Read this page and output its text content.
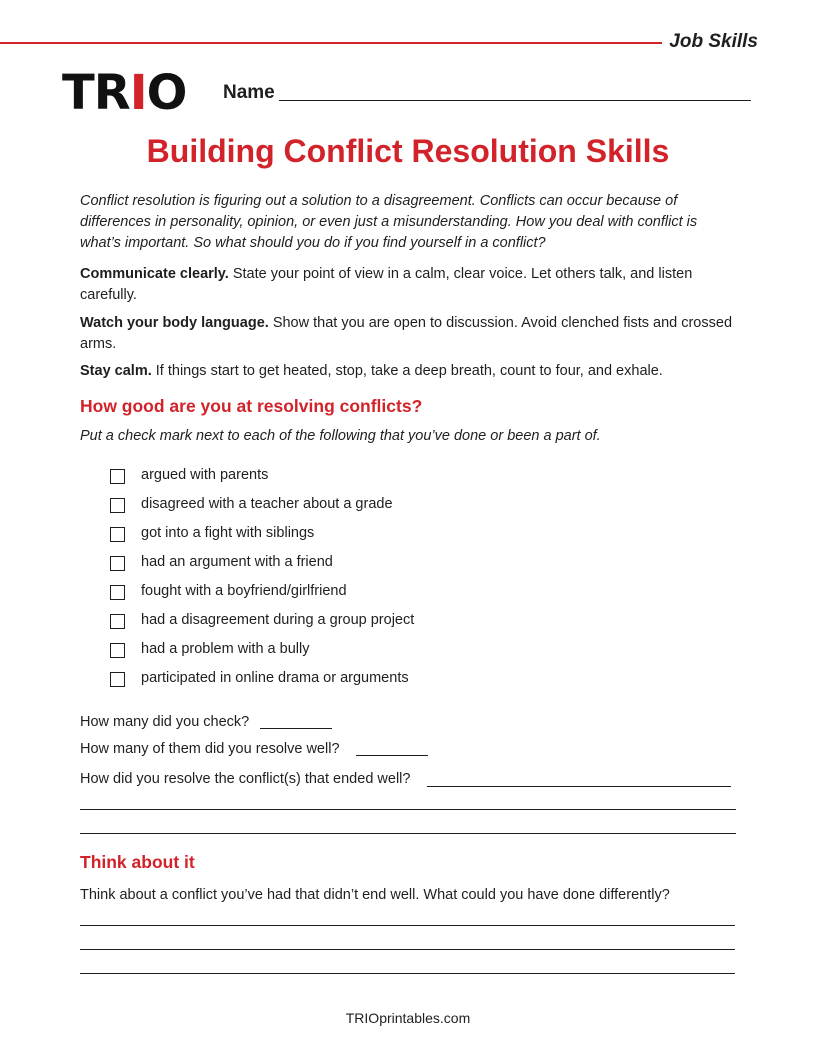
Job Skills
TRIO Name
Building Conflict Resolution Skills

Conflict resolution is figuring out a solution to a disagreement. Conflicts can occur because of differences in personality, opinion, or even just a misunderstanding. How you deal with conflict is what’s important. So what should you do if you find yourself in a conflict?

Communicate clearly. State your point of view in a calm, clear voice. Let others talk, and listen carefully.

Watch your body language. Show that you are open to discussion. Avoid clenched fists and crossed arms.

Stay calm. If things start to get heated, stop, take a deep breath, count to four, and exhale.

How good are you at resolving conflicts?

Put a check mark next to each of the following that you’ve done or been a part of.

argued with parents
disagreed with a teacher about a grade
got into a fight with siblings
had an argument with a friend
fought with a boyfriend/girlfriend
had a disagreement during a group project
had a problem with a bully
participated in online drama or arguments
How many did you check?
How many of them did you resolve well?
How did you resolve the conflict(s) that ended well?
Think about it

Think about a conflict you’ve had that didn’t end well. What could you have done differently?

TRIOprintables.com
